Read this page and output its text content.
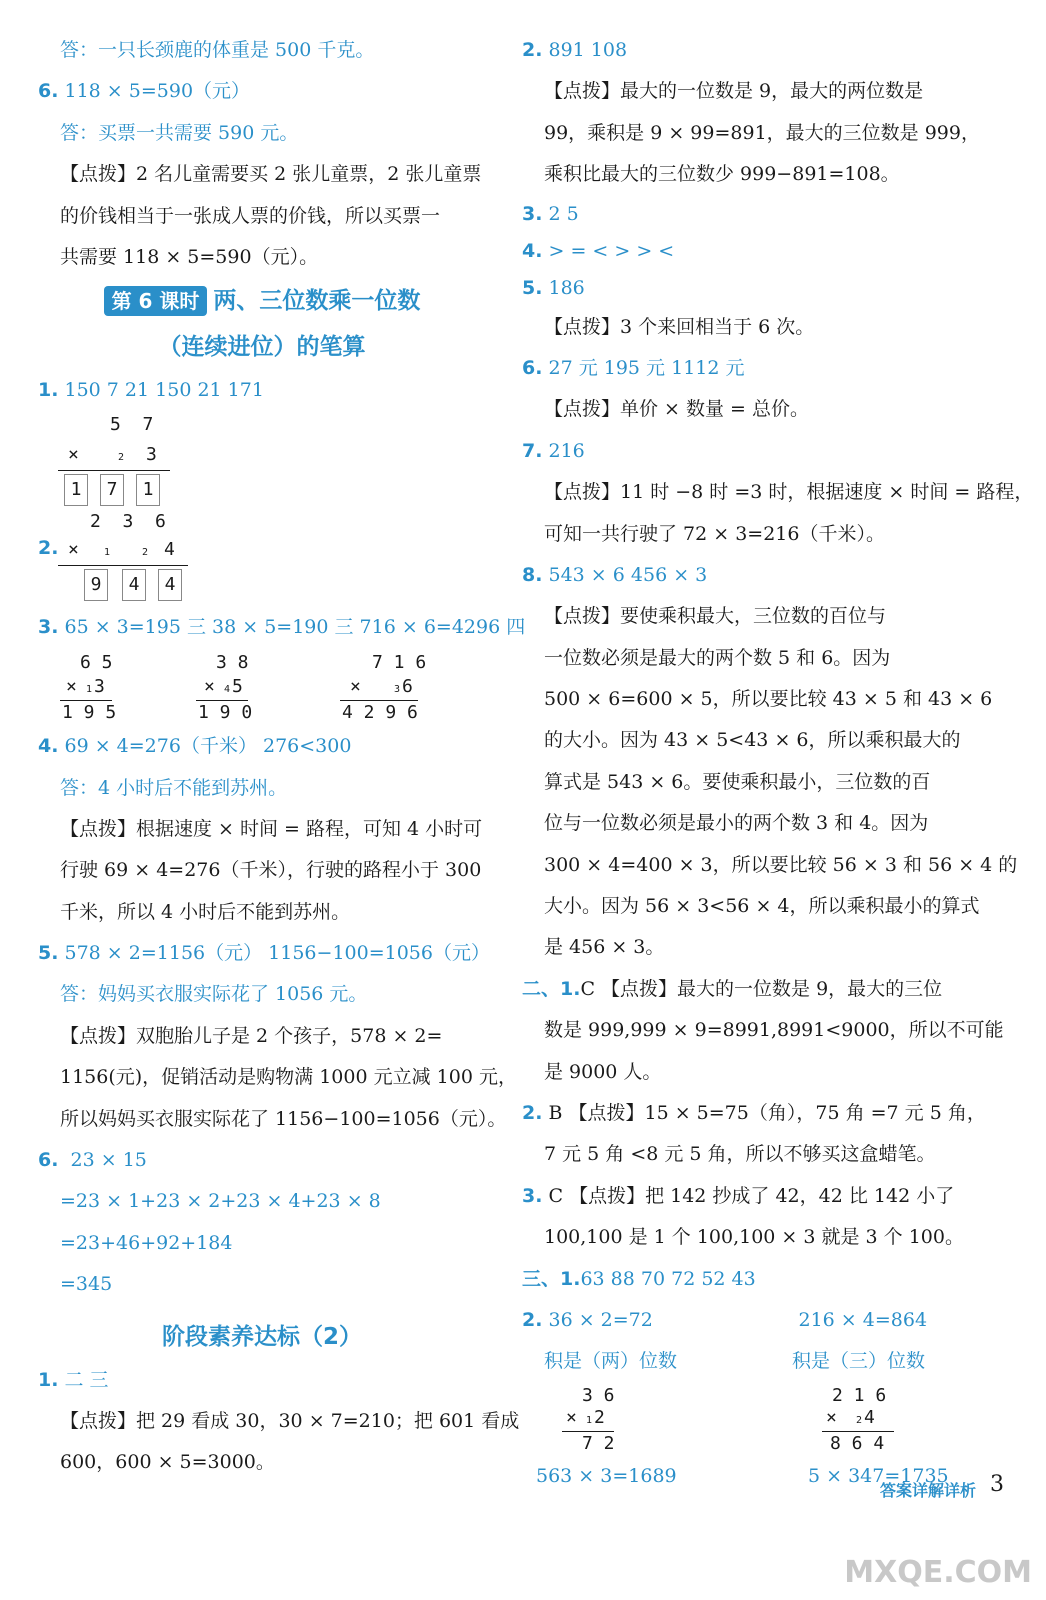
答：一只长颈鹿的体重是 500 千克。
6. 118 × 5=590（元）
答：买票一共需要 590 元。
【点拨】2 名儿童需要买 2 张儿童票，2 张儿童票
的价钱相当于一张成人票的价钱，所以买票一
共需要 118 × 5=590（元）。
第 6 课时 两、三位数乘一位数
（连续进位）的笔算
1. 150 7 21 150 21 171
5  7
×	2 3
1	7	1
2  3  6
2. ×	1	2 4
9	4	4
3. 65 × 3=195 三 38 × 5=190 三 716 × 6=4296 四
6 5
× 1 3
1 9 5
3 8
× 4 5
1 9 0
7 1 6
×	3 6
4 2 9 6
4. 69 × 4=276（千米） 276<300
答：4 小时后不能到苏州。
【点拨】根据速度 × 时间 = 路程，可知 4 小时可
行驶 69 × 4=276（千米），行驶的路程小于 300
千米，所以 4 小时后不能到苏州。
5. 578 × 2=1156（元） 1156−100=1056（元）
答：妈妈买衣服实际花了 1056 元。
【点拨】双胞胎儿子是 2 个孩子，578 × 2=
1156(元)，促销活动是购物满 1000 元立减 100 元，
所以妈妈买衣服实际花了 1156−100=1056（元）。
6. 23 × 15
=23 × 1+23 × 2+23 × 4+23 × 8
=23+46+92+184
=345
阶段素养达标（2）
1. 二 三
【点拨】把 29 看成 30，30 × 7=210；把 601 看成
600，600 × 5=3000。
2. 891 108
【点拨】最大的一位数是 9，最大的两位数是
99，乘积是 9 × 99=891，最大的三位数是 999，
乘积比最大的三位数少 999−891=108。
3. 2 5
4. > = < > > <
5. 186
【点拨】3 个来回相当于 6 次。
6. 27 元 195 元 1112 元
【点拨】单价 × 数量 = 总价。
7. 216
【点拨】11 时 −8 时 =3 时，根据速度 × 时间 = 路程，
可知一共行驶了 72 × 3=216（千米）。
8. 543 × 6 456 × 3
【点拨】要使乘积最大，三位数的百位与
一位数必须是最大的两个数 5 和 6。因为
500 × 6=600 × 5，所以要比较 43 × 5 和 43 × 6
的大小。因为 43 × 5<43 × 6，所以乘积最大的
算式是 543 × 6。要使乘积最小，三位数的百
位与一位数必须是最小的两个数 3 和 4。因为
300 × 4=400 × 3，所以要比较 56 × 3 和 56 × 4 的
大小。因为 56 × 3<56 × 4，所以乘积最小的算式
是 456 × 3。
二、1.C 【点拨】最大的一位数是 9，最大的三位
数是 999,999 × 9=8991,8991<9000，所以不可能
是 9000 人。
2. B 【点拨】15 × 5=75（角），75 角 =7 元 5 角，
7 元 5 角 <8 元 5 角，所以不够买这盒蜡笔。
3. C 【点拨】把 142 抄成了 42，42 比 142 小了
100,100 是 1 个 100,100 × 3 就是 3 个 100。
三、1.63 88 70 72 52 43
2. 36 × 2=72	216 × 4=864
积是（两）位数	积是（三）位数
3 6
× 1 2
7 2
2 1 6
× 2 4
8 6 4
563 × 3=1689	5 × 347=1735
答案详解详析 3
MXQE.COM
